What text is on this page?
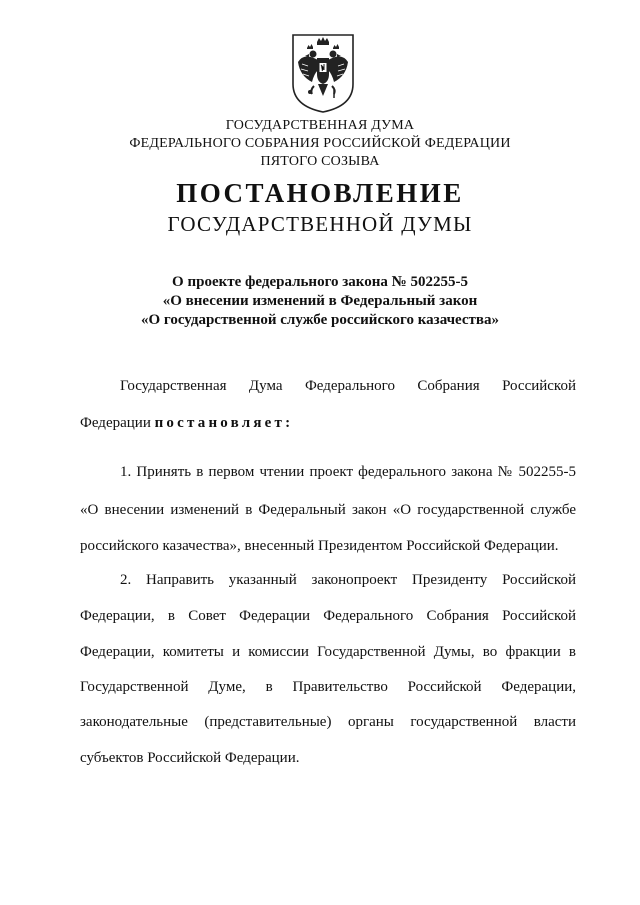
ГОСУДАРСТВЕННАЯ ДУМА
ФЕДЕРАЛЬНОГО СОБРАНИЯ РОССИЙСКОЙ ФЕДЕРАЦИИ
ПЯТОГО СОЗЫВА
ПОСТАНОВЛЕНИЕ
ГОСУДАРСТВЕННОЙ ДУМЫ
О проекте федерального закона № 502255-5
«О внесении изменений в Федеральный закон
«О государственной службе российского казачества»
Государственная Дума Федерального Собрания Российской
Федерации постановляет:
1. Принять в первом чтении проект федерального закона № 502255-5
«О внесении изменений в Федеральный закон «О государственной службе
российского казачества», внесенный Президентом Российской Федерации.
2. Направить указанный законопроект Президенту Российской
Федерации, в Совет Федерации Федерального Собрания Российской
Федерации, комитеты и комиссии Государственной Думы, во фракции в
Государственной Думе, в Правительство Российской Федерации,
законодательные (представительные) органы государственной власти
субъектов Российской Федерации.
